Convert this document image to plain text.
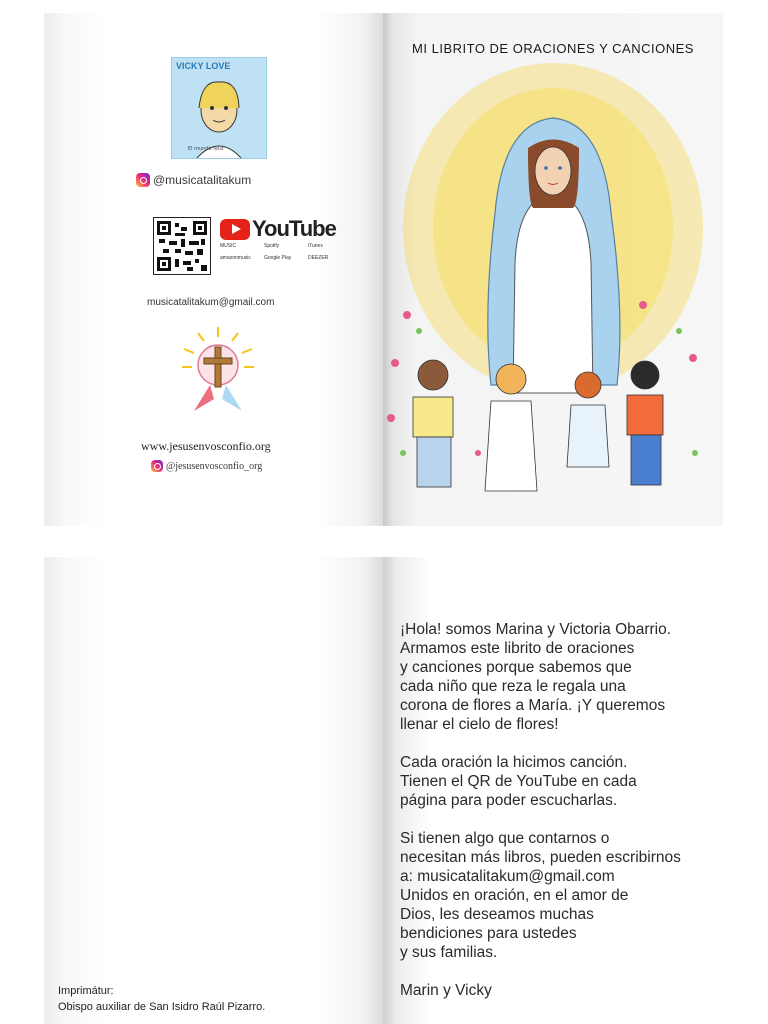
VICKY LOVE
El mundo feliz
@musicatalitakum
YouTube
MUSIC	Spotify	iTunes
amazonmusic	Google Play	DEEZER
musicatalitakum@gmail.com
www.jesusenvosconfio.org
@jesusenvosconfio_org
MI LIBRITO DE ORACIONES Y CANCIONES
Imprimátur:
Obispo auxiliar de San Isidro Raúl Pizarro.

¡Hola! somos Marina y Victoria Obarrio.
Armamos este librito de oraciones
y canciones porque sabemos que
cada niño que reza le regala una
corona de flores a María. ¡Y queremos
llenar el cielo de flores!

Cada oración la hicimos canción.
Tienen el QR de YouTube en cada
página para poder escucharlas.

Si tienen algo que contarnos o
necesitan más libros, pueden escribirnos
a: musicatalitakum@gmail.com
Unidos en oración, en el amor de
Dios, les deseamos muchas
bendiciones para ustedes
y sus familias.

Marin y Vicky
